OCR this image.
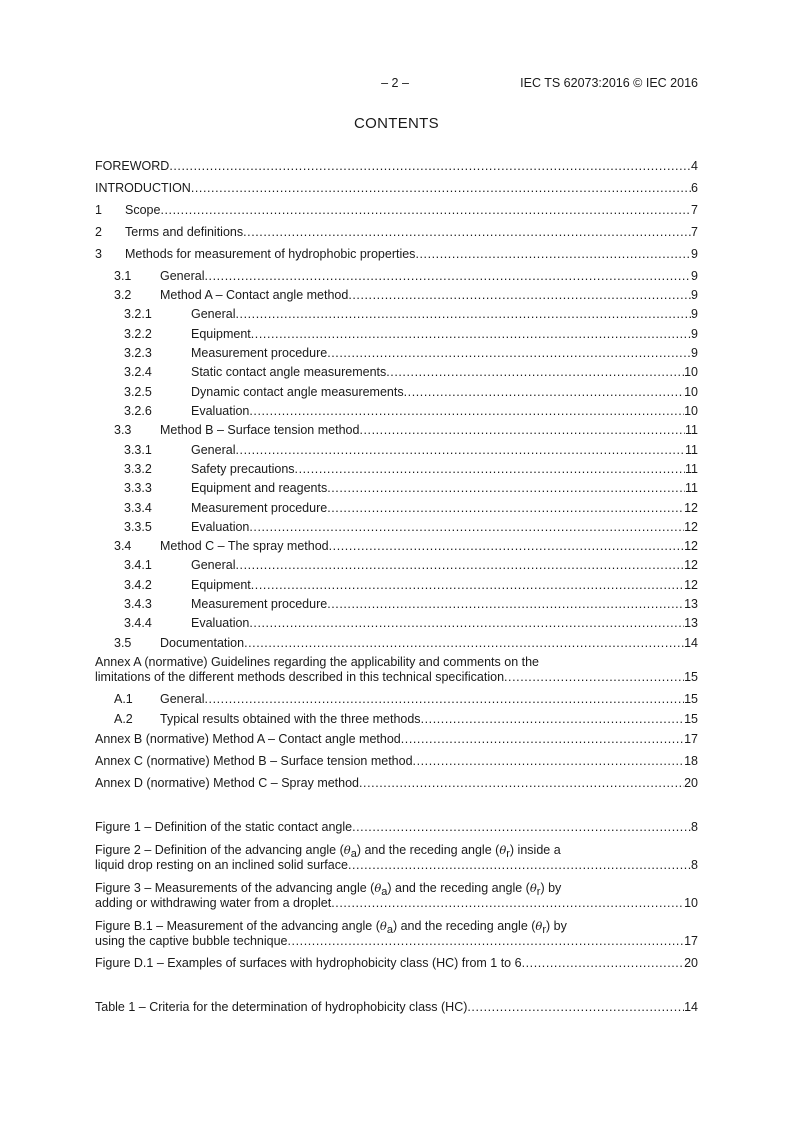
– 2 –	IEC TS 62073:2016 © IEC 2016
CONTENTS
FOREWORD . . .	4
INTRODUCTION . . .	6
1	Scope . . .	7
2	Terms and definitions . . .	7
3	Methods for measurement of hydrophobic properties . . .	9
3.1	General . . .	9
3.2	Method A – Contact angle method . . .	9
3.2.1	General . . .	9
3.2.2	Equipment . . .	9
3.2.3	Measurement procedure . . .	9
3.2.4	Static contact angle measurements . . .	10
3.2.5	Dynamic contact angle measurements . . .	10
3.2.6	Evaluation . . .	10
3.3	Method B – Surface tension method . . .	11
3.3.1	General . . .	11
3.3.2	Safety precautions . . .	11
3.3.3	Equipment and reagents . . .	11
3.3.4	Measurement procedure . . .	12
3.3.5	Evaluation . . .	12
3.4	Method C – The spray method . . .	12
3.4.1	General . . .	12
3.4.2	Equipment . . .	12
3.4.3	Measurement procedure . . .	13
3.4.4	Evaluation . . .	13
3.5	Documentation . . .	14
Annex A (normative) Guidelines regarding the applicability and comments on the
limitations of the different methods described in this technical specification . . .	15
A.1	General . . .	15
A.2	Typical results obtained with the three methods . . .	15
Annex B (normative) Method A – Contact angle method . . .	17
Annex C (normative) Method B – Surface tension method . . .	18
Annex D (normative) Method C – Spray method . . .	20
Figure 1 – Definition of the static contact angle . . .	8
Figure 2 – Definition of the advancing angle $(\theta_a)$ and the receding angle $(\theta_r)$ inside a
liquid drop resting on an inclined solid surface . . .	8
Figure 3 – Measurements of the advancing angle $(\theta_a)$ and the receding angle $(\theta_r)$ by
adding or withdrawing water from a droplet . . .	10
Figure B.1 – Measurement of the advancing angle $(\theta_a)$ and the receding angle $(\theta_r)$ by
using the captive bubble technique . . .	17
Figure D.1 – Examples of surfaces with hydrophobicity class (HC) from 1 to 6 . . .	20
Table 1 – Criteria for the determination of hydrophobicity class (HC) . . .	14
